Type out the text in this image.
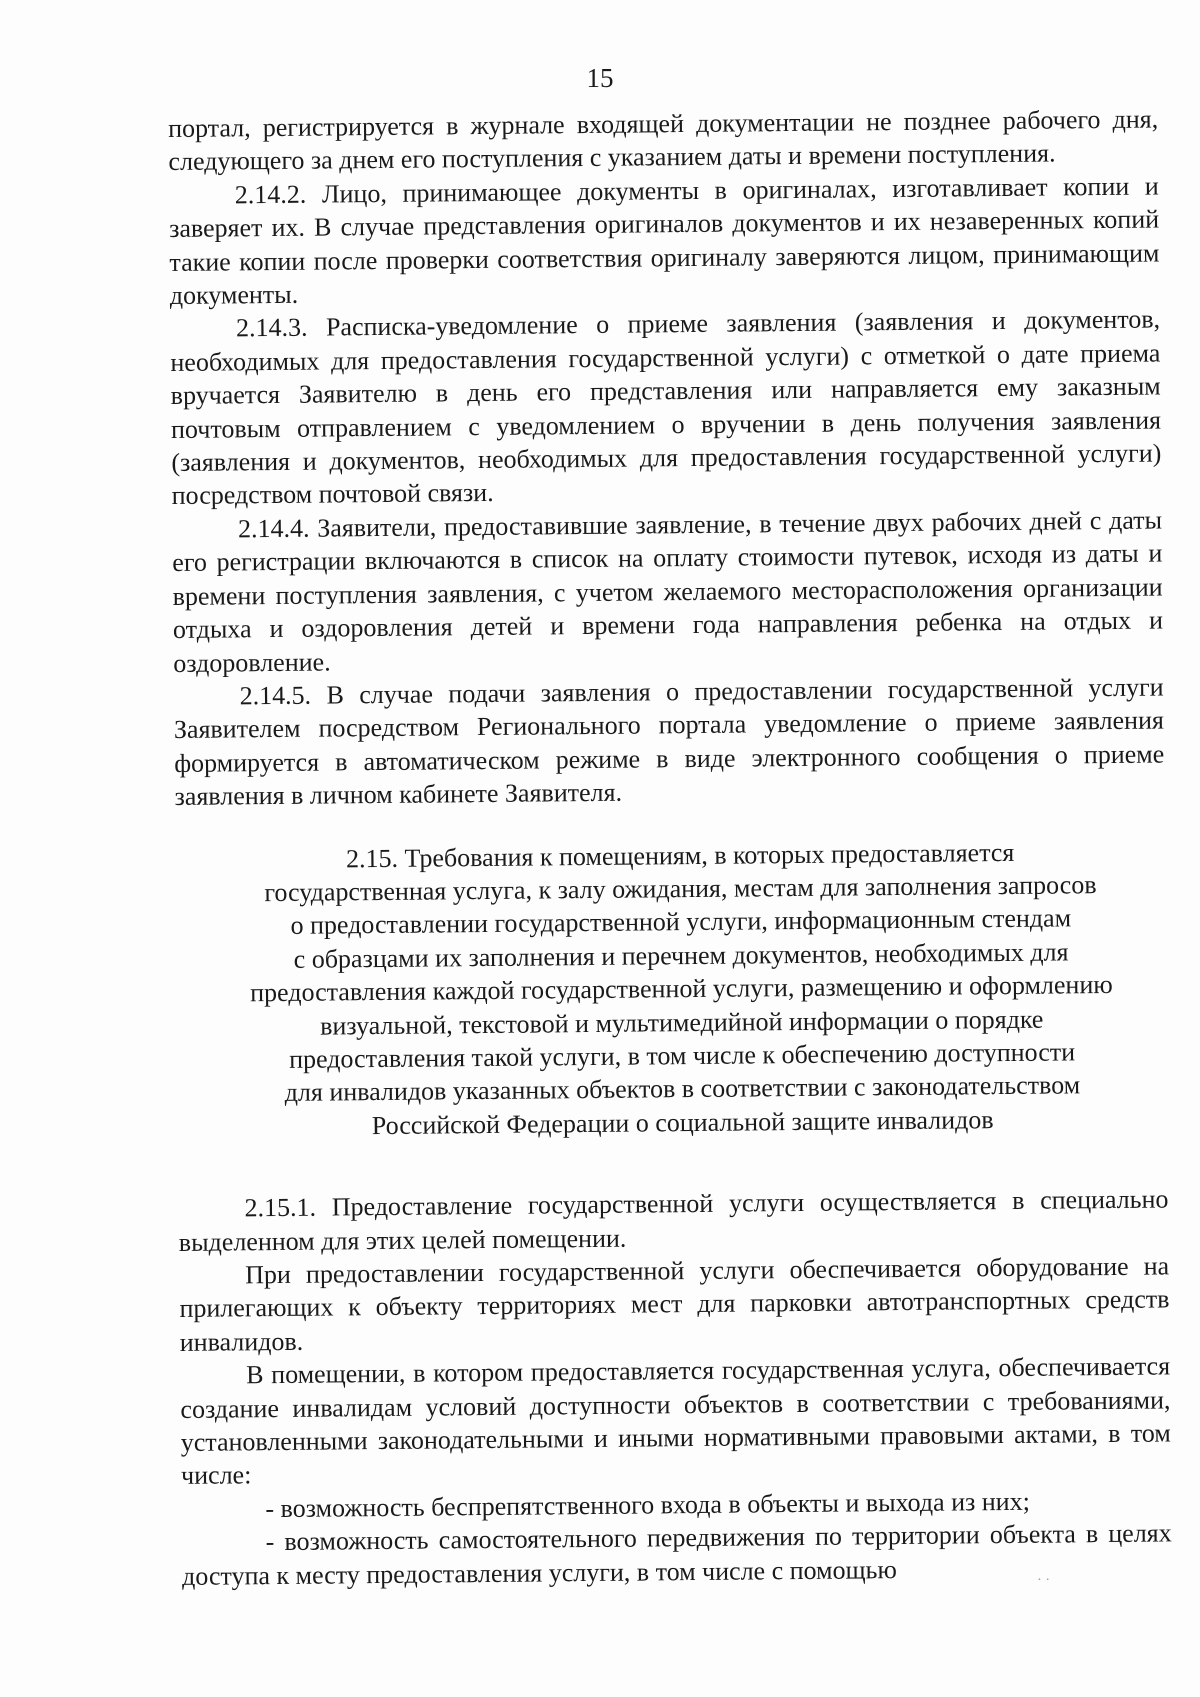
15

портал, регистрируется в журнале входящей документации не позднее рабочего дня, следующего за днем его поступления с указанием даты и времени поступления.

2.14.2. Лицо, принимающее документы в оригиналах, изготавливает копии и заверяет их. В случае представления оригиналов документов и их незаверенных копий такие копии после проверки соответствия оригиналу заверяются лицом, принимающим документы.

2.14.3. Расписка-уведомление о приеме заявления (заявления и документов, необходимых для предоставления государственной услуги) с отметкой о дате приема вручается Заявителю в день его представления или направляется ему заказным почтовым отправлением с уведомлением о вручении в день получения заявления (заявления и документов, необходимых для предоставления государственной услуги) посредством почтовой связи.

2.14.4. Заявители, предоставившие заявление, в течение двух рабочих дней с даты его регистрации включаются в список на оплату стоимости путевок, исходя из даты и времени поступления заявления, с учетом желаемого месторасположения организации отдыха и оздоровления детей и времени года направления ребенка на отдых и оздоровление.

2.14.5. В случае подачи заявления о предоставлении государственной услуги Заявителем посредством Регионального портала уведомление о приеме заявления формируется в автоматическом режиме в виде электронного сообщения о приеме заявления в личном кабинете Заявителя.

2.15. Требования к помещениям, в которых предоставляется
государственная услуга, к залу ожидания, местам для заполнения запросов
о предоставлении государственной услуги, информационным стендам
с образцами их заполнения и перечнем документов, необходимых для
предоставления каждой государственной услуги, размещению и оформлению
визуальной, текстовой и мультимедийной информации о порядке
предоставления такой услуги, в том числе к обеспечению доступности
для инвалидов указанных объектов в соответствии с законодательством
Российской Федерации о социальной защите инвалидов

2.15.1. Предоставление государственной услуги осуществляется в специально выделенном для этих целей помещении.

При предоставлении государственной услуги обеспечивается оборудование на прилегающих к объекту территориях мест для парковки автотранспортных средств инвалидов.

В помещении, в котором предоставляется государственная услуга, обеспечивается создание инвалидам условий доступности объектов в соответствии с требованиями, установленными законодательными и иными нормативными правовыми актами, в том числе:

- возможность беспрепятственного входа в объекты и выхода из них;

- возможность самостоятельного передвижения по территории объекта в целях доступа к месту предоставления услуги, в том числе с помощью	· ·
